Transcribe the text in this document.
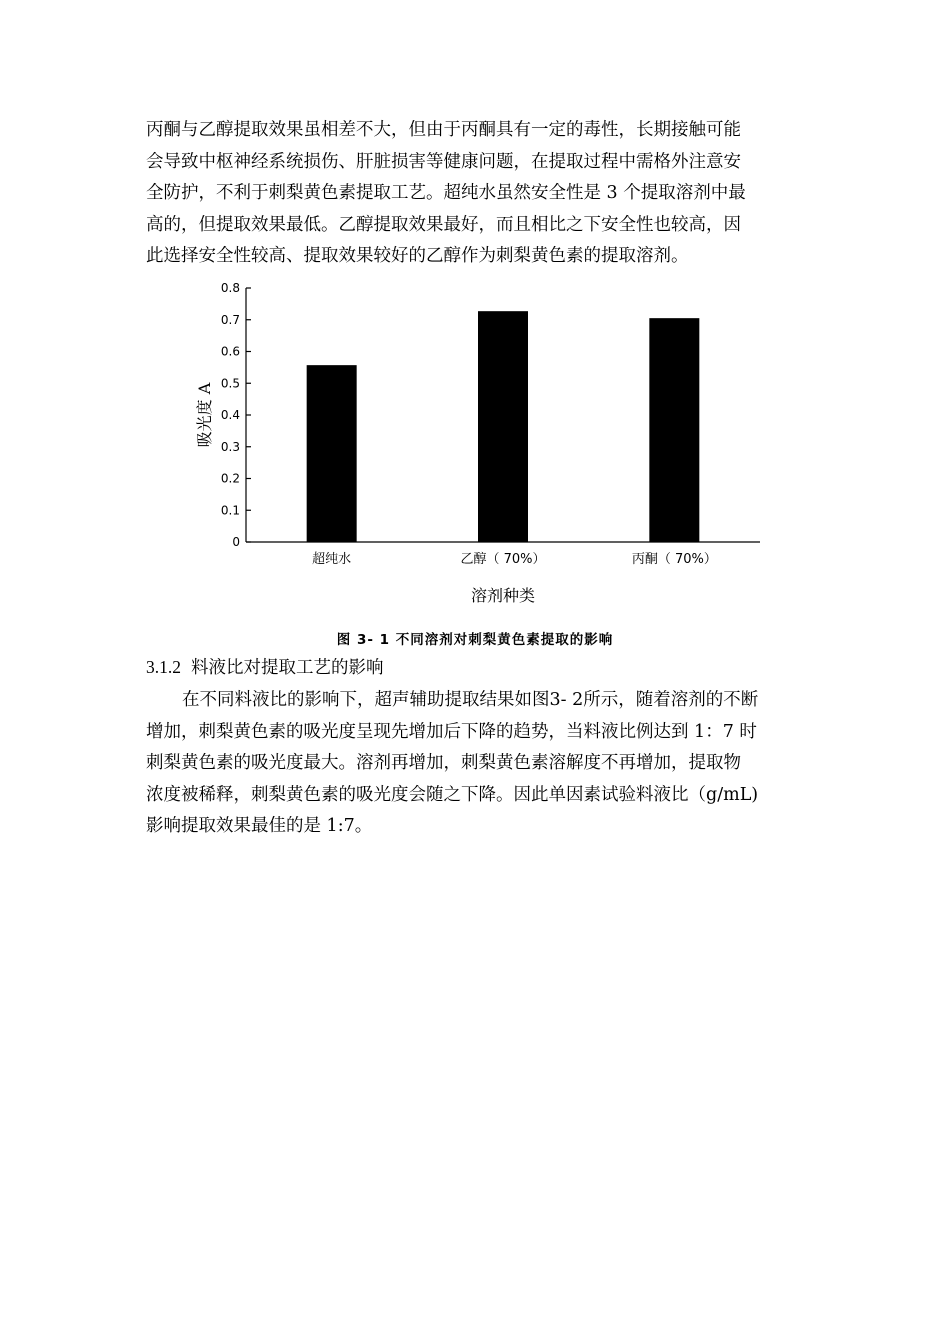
丙酮与乙醇提取效果虽相差不大，但由于丙酮具有一定的毒性，长期接触可能
会导致中枢神经系统损伤、肝脏损害等健康问题，在提取过程中需格外注意安
全防护，不利于刺梨黄色素提取工艺。超纯水虽然安全性是 3 个提取溶剂中最
高的，但提取效果最低。乙醇提取效果最好，而且相比之下安全性也较高，因
此选择安全性较高、提取效果较好的乙醇作为刺梨黄色素的提取溶剂。
0
0.1
0.2
0.3
0.4
0.5
0.6
0.7
0.8
超纯水	乙醇（ 70%）	丙酮（ 70%）
吸光度 A
溶剂种类
图 3- 1 不同溶剂对刺梨黄色素提取的影响
3.1.2 料液比对提取工艺的影响
在不同料液比的影响下，超声辅助提取结果如图3- 2所示，随着溶剂的不断
增加，刺梨黄色素的吸光度呈现先增加后下降的趋势，当料液比例达到 1：7 时
刺梨黄色素的吸光度最大。溶剂再增加，刺梨黄色素溶解度不再增加，提取物
浓度被稀释，刺梨黄色素的吸光度会随之下降。因此单因素试验料液比（g/mL)
影响提取效果最佳的是 1:7。
